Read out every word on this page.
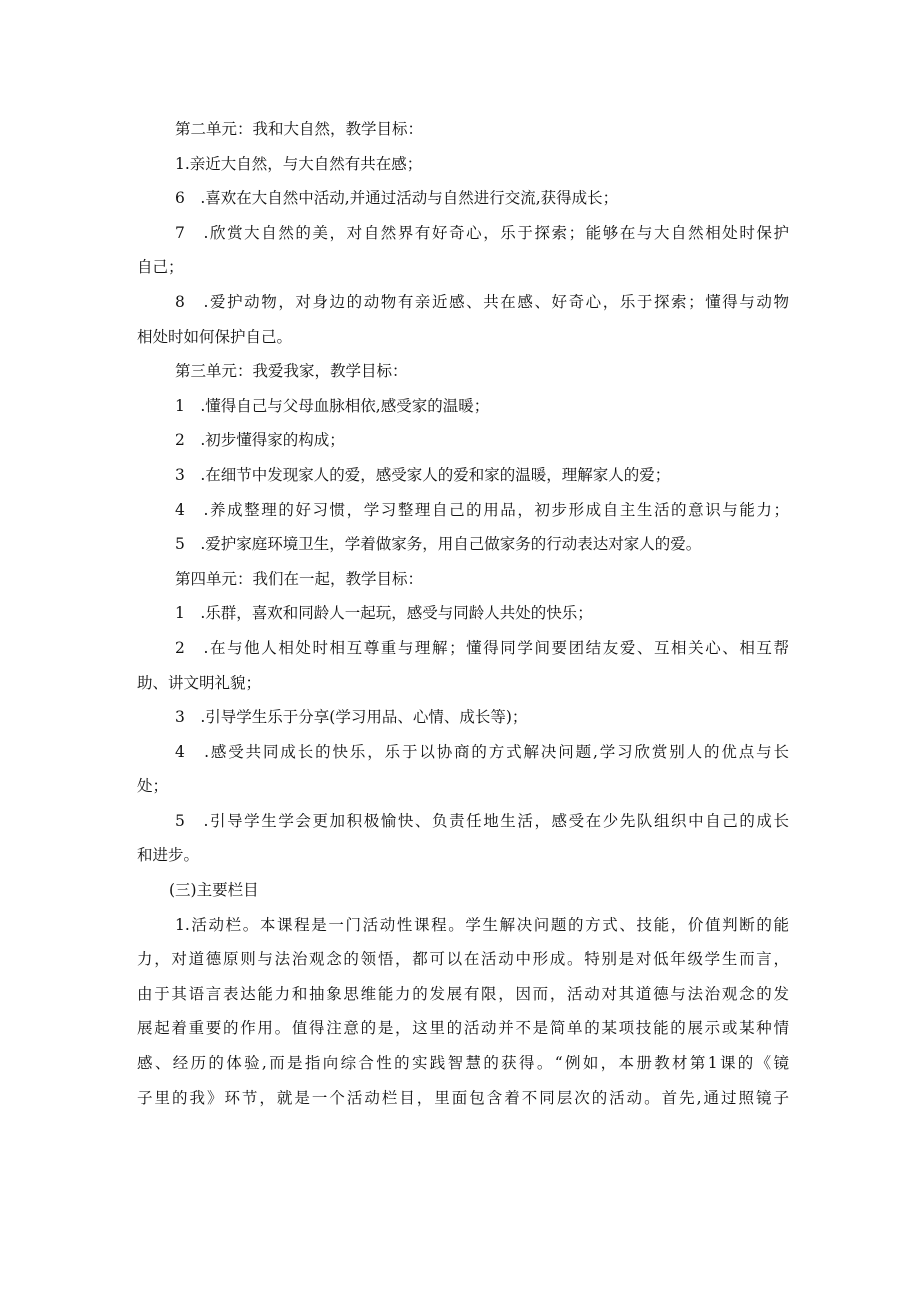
第二单元：我和大自然，教学目标：
1.亲近大自然，与大自然有共在感；
6　.喜欢在大自然中活动,并通过活动与自然进行交流,获得成长；
7　.欣赏大自然的美，对自然界有好奇心，乐于探索；能够在与大自然相处时保护
自己；
8　.爱护动物，对身边的动物有亲近感、共在感、好奇心，乐于探索；懂得与动物
相处时如何保护自己。
第三单元：我爱我家，教学目标：
1　.懂得自己与父母血脉相依,感受家的温暖；
2　.初步懂得家的构成；
3　.在细节中发现家人的爱，感受家人的爱和家的温暖，理解家人的爱；
4　.养成整理的好习惯，学习整理自己的用品，初步形成自主生活的意识与能力；
5　.爱护家庭环境卫生，学着做家务，用自己做家务的行动表达对家人的爱。
第四单元：我们在一起，教学目标：
1　.乐群，喜欢和同龄人一起玩，感受与同龄人共处的快乐；
2　.在与他人相处时相互尊重与理解；懂得同学间要团结友爱、互相关心、相互帮
助、讲文明礼貌；
3　.引导学生乐于分享(学习用品、心情、成长等)；
4　.感受共同成长的快乐，乐于以协商的方式解决问题,学习欣赏别人的优点与长
处；
5　.引导学生学会更加积极愉快、负责任地生活，感受在少先队组织中自己的成长
和进步。
(三)主要栏目
1.活动栏。本课程是一门活动性课程。学生解决问题的方式、技能，价值判断的能
力，对道德原则与法治观念的领悟，都可以在活动中形成。特别是对低年级学生而言，
由于其语言表达能力和抽象思维能力的发展有限，因而，活动对其道德与法治观念的发
展起着重要的作用。值得注意的是，这里的活动并不是简单的某项技能的展示或某种情
感、经历的体验,而是指向综合性的实践智慧的获得。“例如，本册教材第1课的《镜
子里的我》环节，就是一个活动栏目，里面包含着不同层次的活动。首先,通过照镜子
